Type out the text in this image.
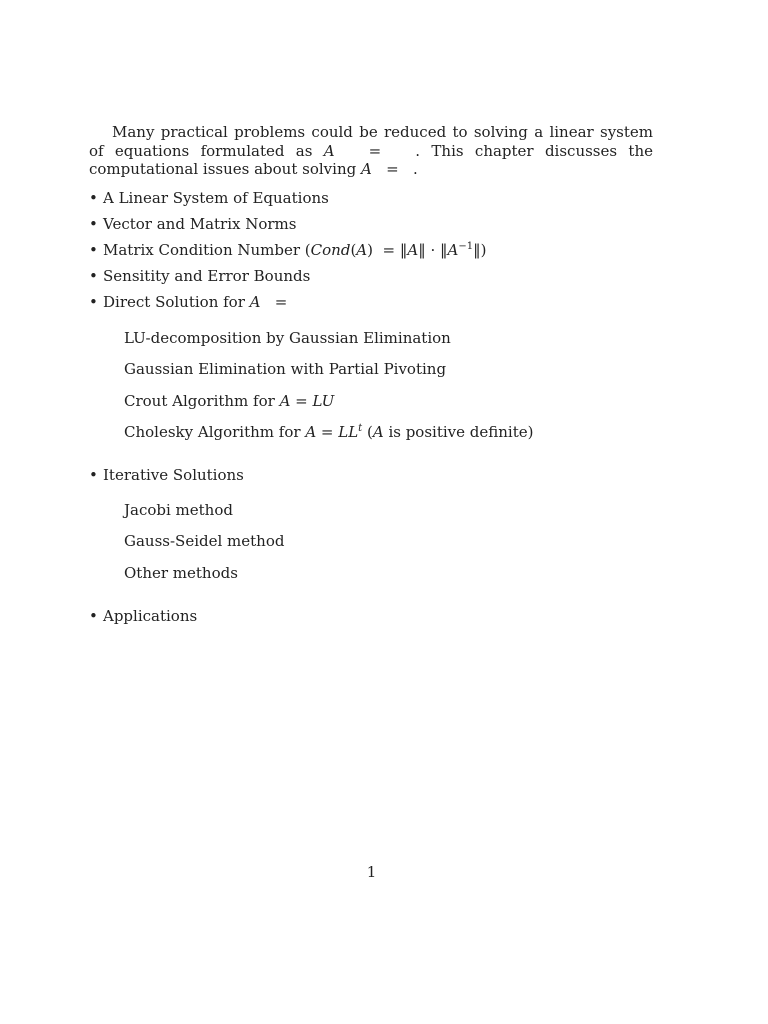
Many practical problems could be reduced to solving a linear system of equations formulated as A   =   . This chapter discusses the computational issues about solving A   =   .

• A Linear System of Equations
• Vector and Matrix Norms
• Matrix Condition Number (Cond(A)  = ‖A‖ · $‖A^{-1}‖$)
• Sensitity and Error Bounds
• Direct Solution for A   =
LU-decomposition by Gaussian Elimination
Gaussian Elimination with Partial Pivoting
Crout Algorithm for A = LU
Cholesky Algorithm for $A = LL^t$ (A is positive definite)
• Iterative Solutions
Jacobi method
Gauss-Seidel method
Other methods
• Applications
1
